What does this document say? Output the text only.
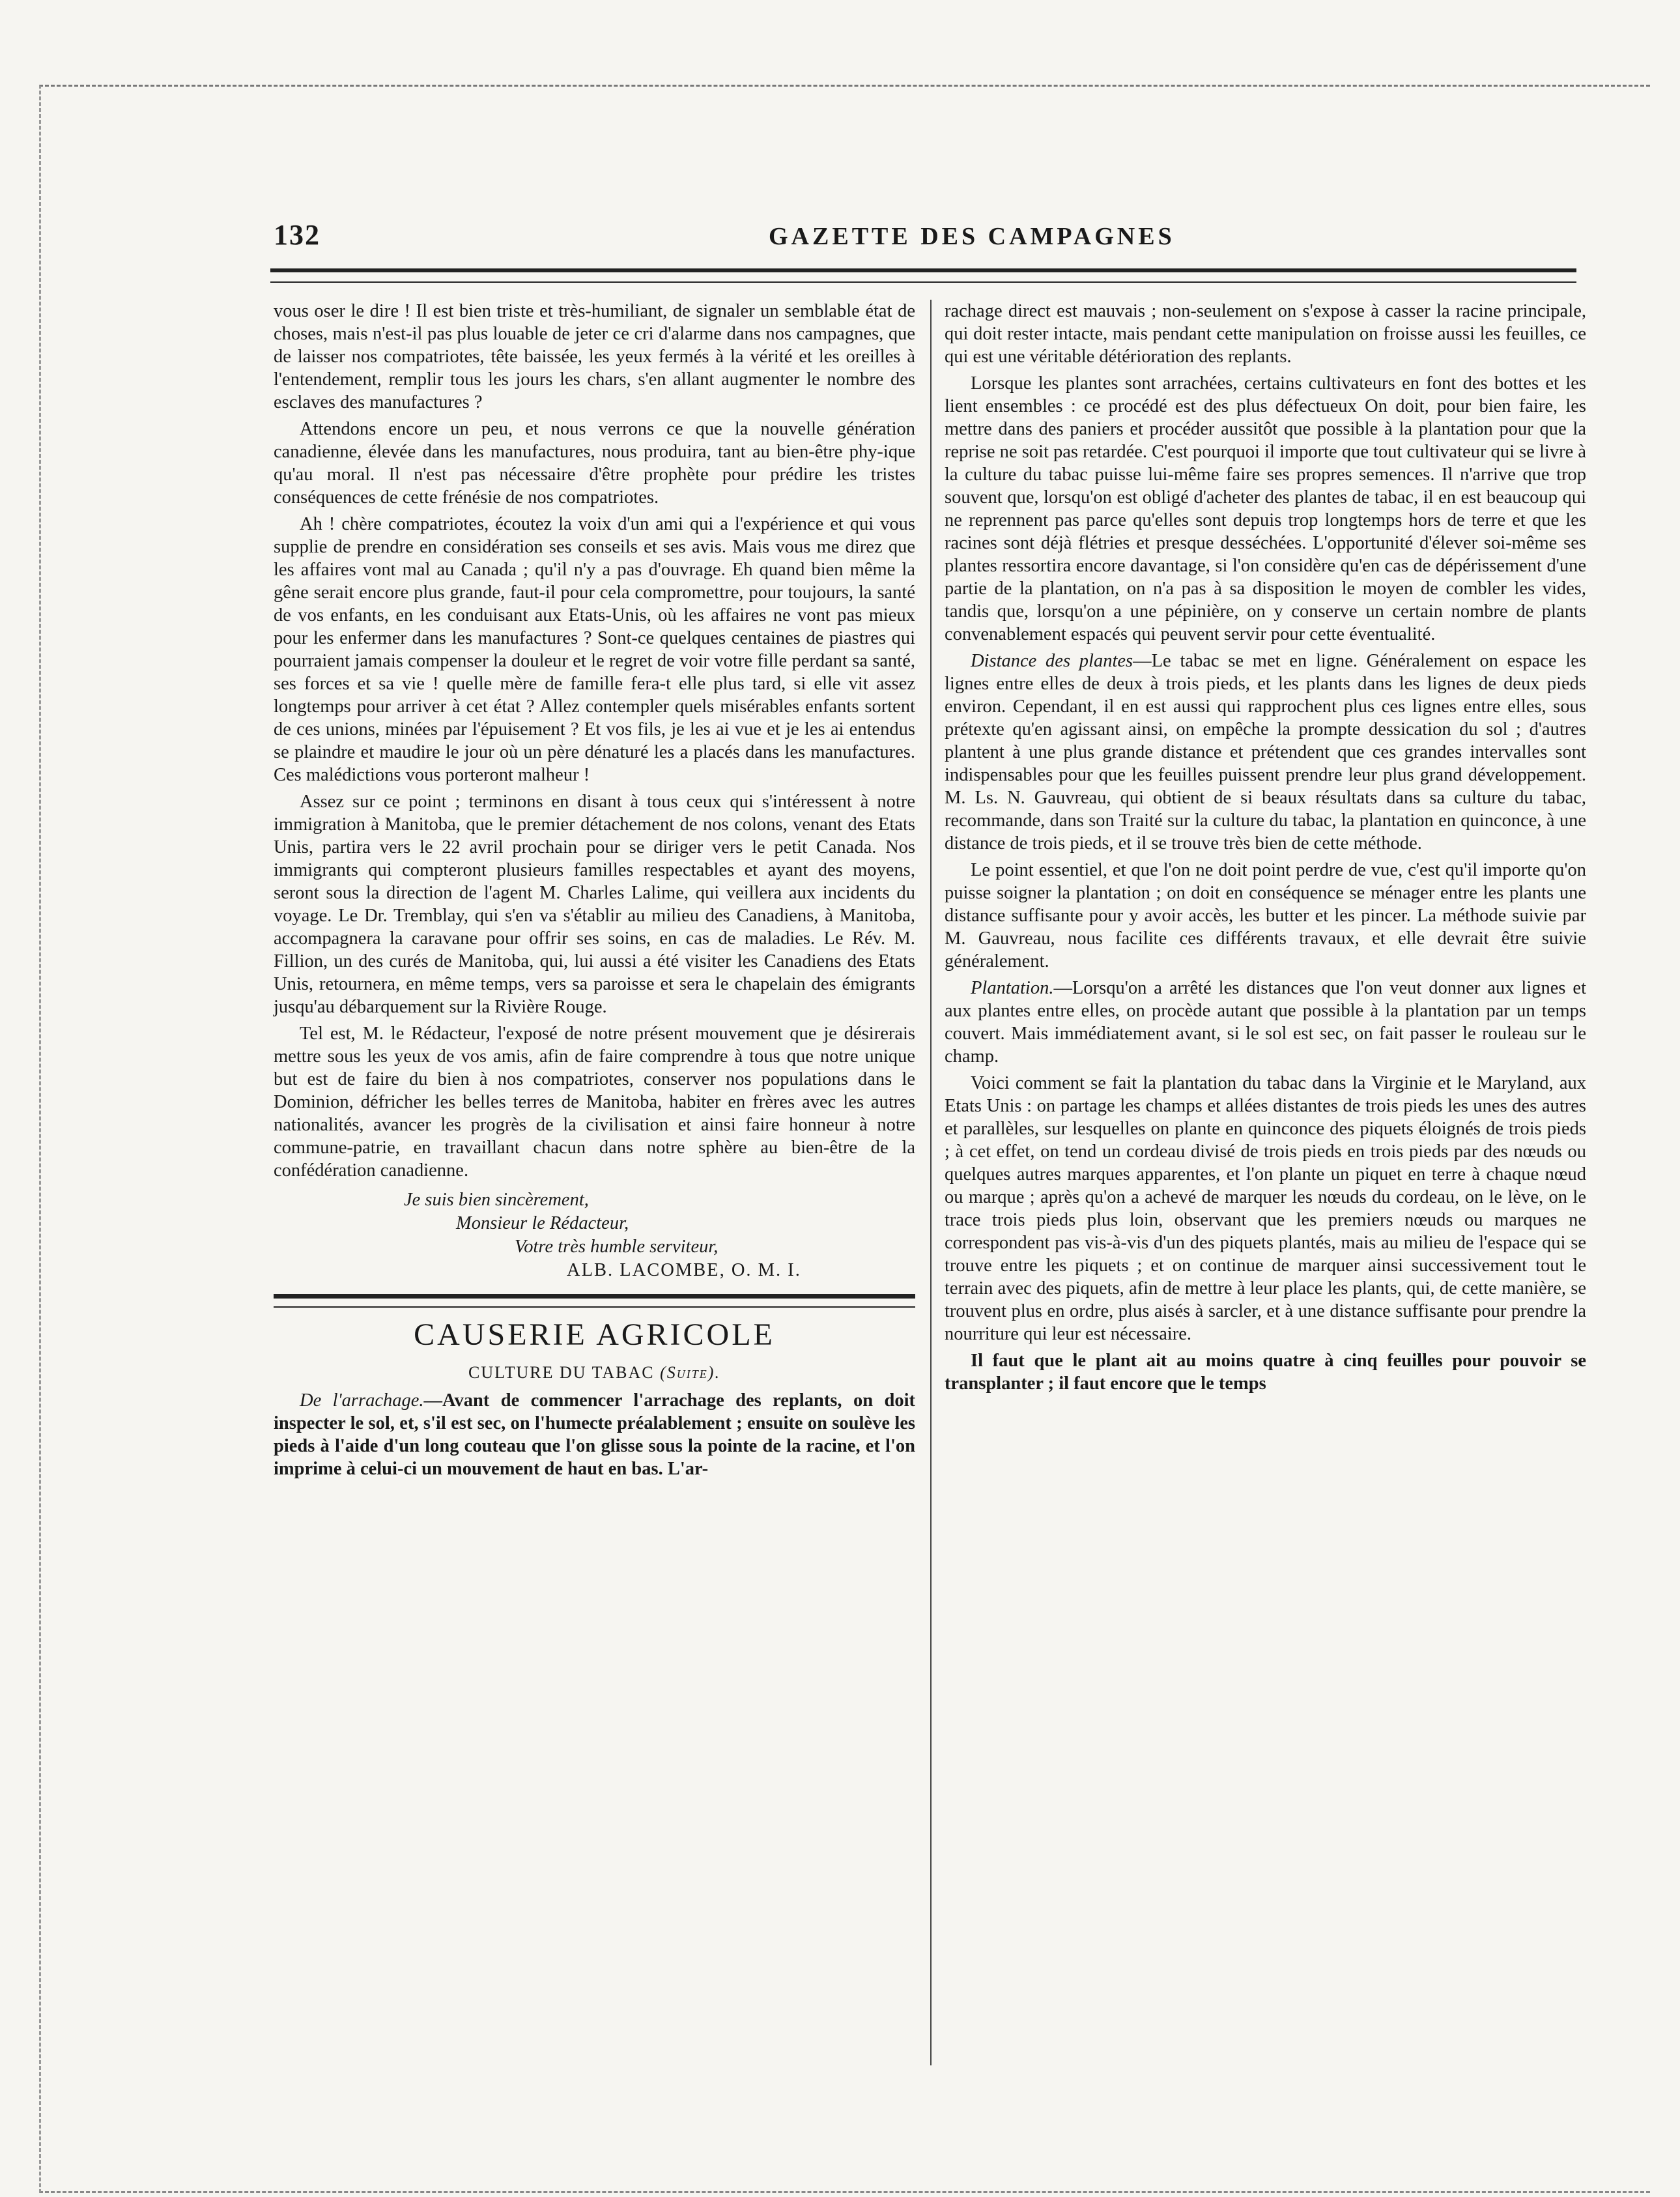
132	GAZETTE DES CAMPAGNES

vous oser le dire ! Il est bien triste et très-humiliant, de signaler un semblable état de choses, mais n'est-il pas plus louable de jeter ce cri d'alarme dans nos campagnes, que de laisser nos compatriotes, tête baissée, les yeux fermés à la vérité et les oreilles à l'entendement, remplir tous les jours les chars, s'en allant augmenter le nombre des esclaves des manufactures ?

Attendons encore un peu, et nous verrons ce que la nouvelle génération canadienne, élevée dans les manufactures, nous produira, tant au bien-être phy-ique qu'au moral. Il n'est pas nécessaire d'être prophète pour prédire les tristes conséquences de cette frénésie de nos compatriotes.

Ah ! chère compatriotes, écoutez la voix d'un ami qui a l'expérience et qui vous supplie de prendre en considération ses conseils et ses avis. Mais vous me direz que les affaires vont mal au Canada ; qu'il n'y a pas d'ouvrage. Eh quand bien même la gêne serait encore plus grande, faut-il pour cela compromettre, pour toujours, la santé de vos enfants, en les conduisant aux Etats-Unis, où les affaires ne vont pas mieux pour les enfermer dans les manufactures ? Sont-ce quelques centaines de piastres qui pourraient jamais compenser la douleur et le regret de voir votre fille perdant sa santé, ses forces et sa vie ! quelle mère de famille fera-t elle plus tard, si elle vit assez longtemps pour arriver à cet état ? Allez contempler quels misérables enfants sortent de ces unions, minées par l'épuisement ? Et vos fils, je les ai vue et je les ai entendus se plaindre et maudire le jour où un père dénaturé les a placés dans les manufactures. Ces malédictions vous porteront malheur !

Assez sur ce point ; terminons en disant à tous ceux qui s'intéressent à notre immigration à Manitoba, que le premier détachement de nos colons, venant des Etats Unis, partira vers le 22 avril prochain pour se diriger vers le petit Canada. Nos immigrants qui compteront plusieurs familles respectables et ayant des moyens, seront sous la direction de l'agent M. Charles Lalime, qui veillera aux incidents du voyage. Le Dr. Tremblay, qui s'en va s'établir au milieu des Canadiens, à Manitoba, accompagnera la caravane pour offrir ses soins, en cas de maladies. Le Rév. M. Fillion, un des curés de Manitoba, qui, lui aussi a été visiter les Canadiens des Etats Unis, retournera, en même temps, vers sa paroisse et sera le chapelain des émigrants jusqu'au débarquement sur la Rivière Rouge.

Tel est, M. le Rédacteur, l'exposé de notre présent mouvement que je désirerais mettre sous les yeux de vos amis, afin de faire comprendre à tous que notre unique but est de faire du bien à nos compatriotes, conserver nos populations dans le Dominion, défricher les belles terres de Manitoba, habiter en frères avec les autres nationalités, avancer les progrès de la civilisation et ainsi faire honneur à notre commune-patrie, en travaillant chacun dans notre sphère au bien-être de la confédération canadienne.

Je suis bien sincèrement,
Monsieur le Rédacteur,
Votre très humble serviteur,
ALB. LACOMBE, O. M. I.
CAUSERIE AGRICOLE
CULTURE DU TABAC (Suite).

De l'arrachage.—Avant de commencer l'arrachage des replants, on doit inspecter le sol, et, s'il est sec, on l'humecte préalablement ; ensuite on soulève les pieds à l'aide d'un long couteau que l'on glisse sous la pointe de la racine, et l'on imprime à celui-ci un mouvement de haut en bas. L'ar-

rachage direct est mauvais ; non-seulement on s'expose à casser la racine principale, qui doit rester intacte, mais pendant cette manipulation on froisse aussi les feuilles, ce qui est une véritable détérioration des replants.

Lorsque les plantes sont arrachées, certains cultivateurs en font des bottes et les lient ensembles : ce procédé est des plus défectueux On doit, pour bien faire, les mettre dans des paniers et procéder aussitôt que possible à la plantation pour que la reprise ne soit pas retardée. C'est pourquoi il importe que tout cultivateur qui se livre à la culture du tabac puisse lui-même faire ses propres semences. Il n'arrive que trop souvent que, lorsqu'on est obligé d'acheter des plantes de tabac, il en est beaucoup qui ne reprennent pas parce qu'elles sont depuis trop longtemps hors de terre et que les racines sont déjà flétries et presque desséchées. L'opportunité d'élever soi-même ses plantes ressortira encore davantage, si l'on considère qu'en cas de dépérissement d'une partie de la plantation, on n'a pas à sa disposition le moyen de combler les vides, tandis que, lorsqu'on a une pépinière, on y conserve un certain nombre de plants convenablement espacés qui peuvent servir pour cette éventualité.

Distance des plantes—Le tabac se met en ligne. Généralement on espace les lignes entre elles de deux à trois pieds, et les plants dans les lignes de deux pieds environ. Cependant, il en est aussi qui rapprochent plus ces lignes entre elles, sous prétexte qu'en agissant ainsi, on empêche la prompte dessication du sol ; d'autres plantent à une plus grande distance et prétendent que ces grandes intervalles sont indispensables pour que les feuilles puissent prendre leur plus grand développement. M. Ls. N. Gauvreau, qui obtient de si beaux résultats dans sa culture du tabac, recommande, dans son Traité sur la culture du tabac, la plantation en quinconce, à une distance de trois pieds, et il se trouve très bien de cette méthode.

Le point essentiel, et que l'on ne doit point perdre de vue, c'est qu'il importe qu'on puisse soigner la plantation ; on doit en conséquence se ménager entre les plants une distance suffisante pour y avoir accès, les butter et les pincer. La méthode suivie par M. Gauvreau, nous facilite ces différents travaux, et elle devrait être suivie généralement.

Plantation.—Lorsqu'on a arrêté les distances que l'on veut donner aux lignes et aux plantes entre elles, on procède autant que possible à la plantation par un temps couvert. Mais immédiatement avant, si le sol est sec, on fait passer le rouleau sur le champ.

Voici comment se fait la plantation du tabac dans la Virginie et le Maryland, aux Etats Unis : on partage les champs et allées distantes de trois pieds les unes des autres et parallèles, sur lesquelles on plante en quinconce des piquets éloignés de trois pieds ; à cet effet, on tend un cordeau divisé de trois pieds en trois pieds par des nœuds ou quelques autres marques apparentes, et l'on plante un piquet en terre à chaque nœud ou marque ; après qu'on a achevé de marquer les nœuds du cordeau, on le lève, on le trace trois pieds plus loin, observant que les premiers nœuds ou marques ne correspondent pas vis-à-vis d'un des piquets plantés, mais au milieu de l'espace qui se trouve entre les piquets ; et on continue de marquer ainsi successivement tout le terrain avec des piquets, afin de mettre à leur place les plants, qui, de cette manière, se trouvent plus en ordre, plus aisés à sarcler, et à une distance suffisante pour prendre la nourriture qui leur est nécessaire.

Il faut que le plant ait au moins quatre à cinq feuilles pour pouvoir se transplanter ; il faut encore que le temps
